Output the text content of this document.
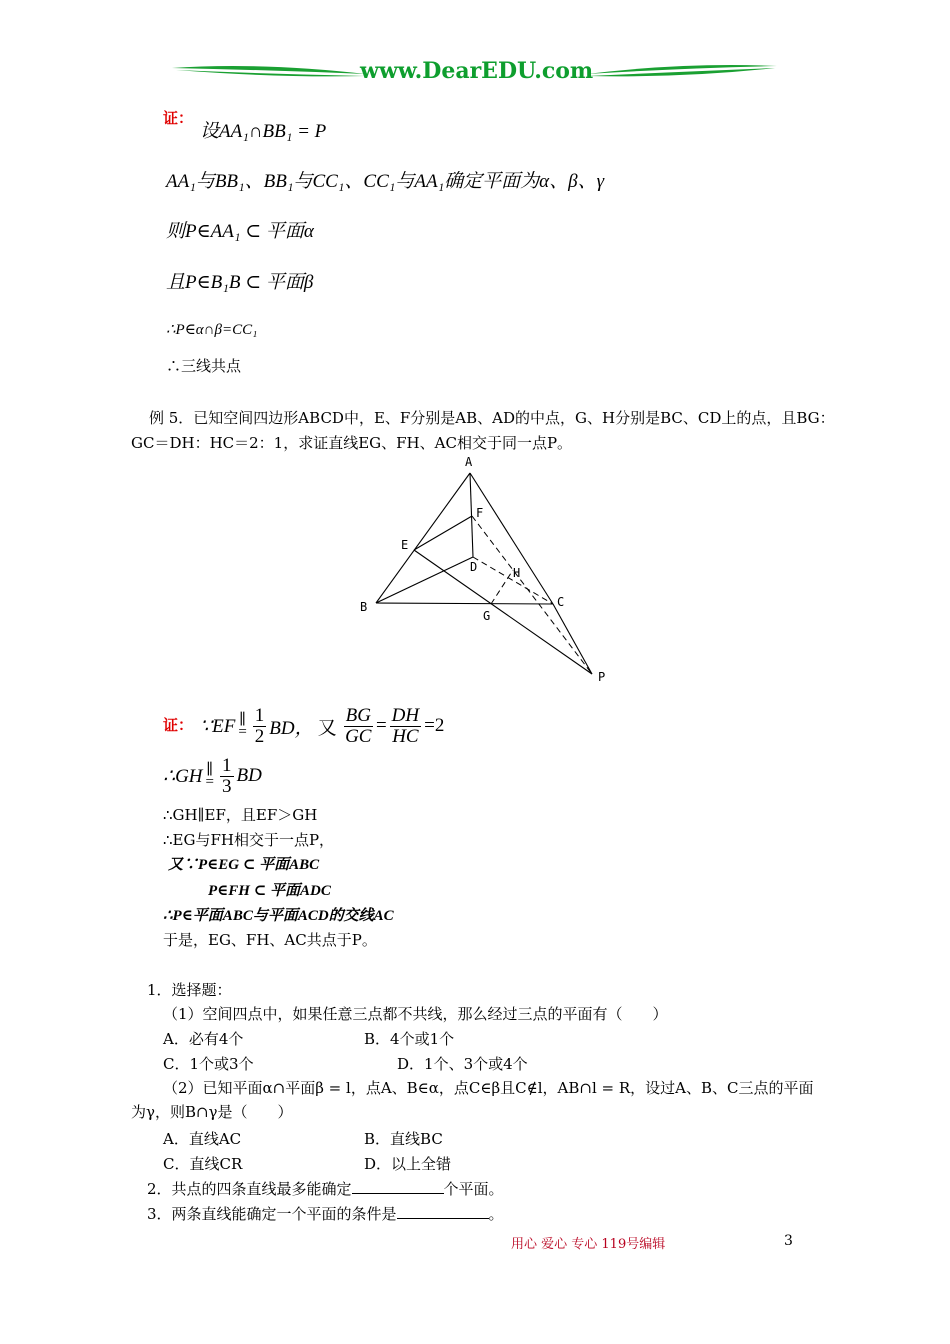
www.DearEDU.com
证：
设AA₁∩BB₁ = P
AA₁与BB₁、BB₁与CC₁、CC₁与AA₁确定平面为α、β、γ
则P∈AA₁ ⊂ 平面α
且P∈B₁B ⊂ 平面β
∴P∈α∩β=CC₁
∴三线共点
例 5．已知空间四边形ABCD中，E、F分别是AB、AD的中点，G、H分别是BC、CD上的点，且BG：
GC＝DH：HC＝2：1，求证直线EG、FH、AC相交于同一点P。
A
B	C
D
E
F
G
H
P
证： ∵EF ∥
= $\frac{1}{2}$ BD， 又 $\frac{BG}{GC} = \frac{DH}{HC} =2$
∴GH ∥
= $\frac{1}{3}$ BD
∴GH∥EF，且EF＞GH
∴EG与FH相交于一点P，
又∵P∈EG ⊂ 平面ABC
P∈FH ⊂ 平面ADC
∴P∈平面ABC与平面ACD的交线AC
于是，EG、FH、AC共点于P。
1．选择题：
（1）空间四点中，如果任意三点都不共线，那么经过三点的平面有（　　）
A．必有4个	B．4个或1个
C．1个或3个	D．1个、3个或4个
（2）已知平面α∩平面β = l，点A、B∈α，点C∈β且C∉l，AB∩l = R，设过A、B、C三点的平面
为γ，则B∩γ是（　　）
A．直线AC	B．直线BC
C．直线CR	D．以上全错
2．共点的四条直线最多能确定	个平面。
3．两条直线能确定一个平面的条件是	。
用心 爱心 专心 119号编辑	3
